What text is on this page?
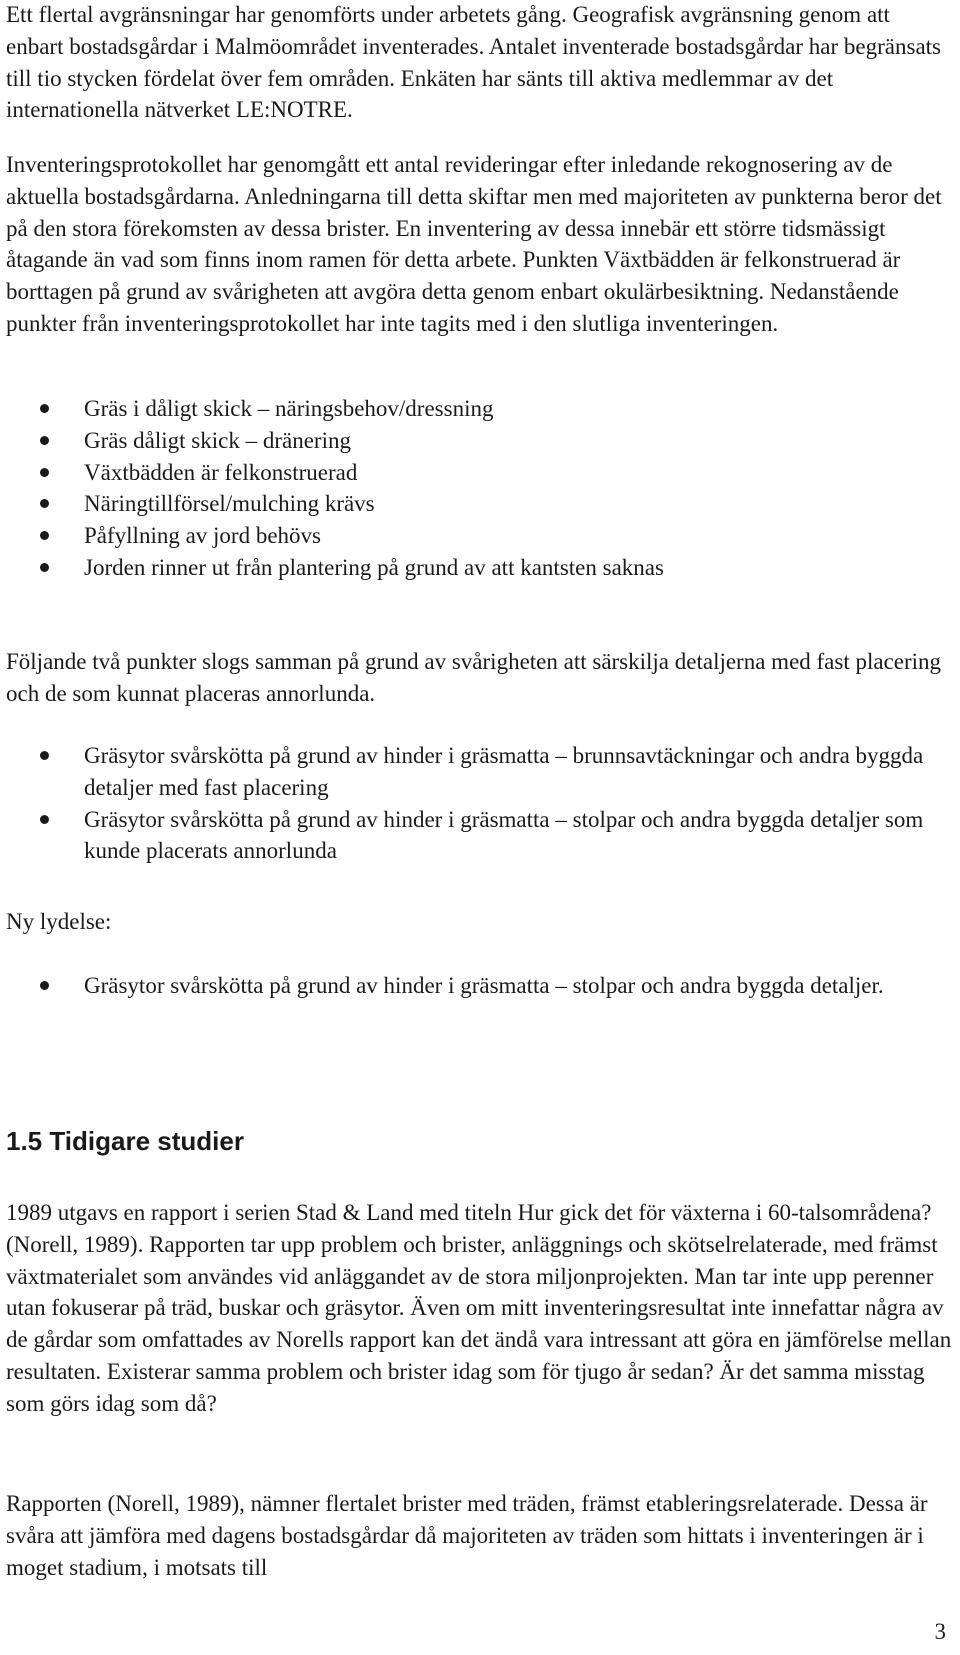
Ett flertal avgränsningar har genomförts under arbetets gång. Geografisk avgränsning genom att enbart bostadsgårdar i Malmöområdet inventerades. Antalet inventerade bostadsgårdar har begränsats till tio stycken fördelat över fem områden. Enkäten har sänts till aktiva medlemmar av det internationella nätverket LE:NOTRE.

Inventeringsprotokollet har genomgått ett antal revideringar efter inledande rekognosering av de aktuella bostadsgårdarna. Anledningarna till detta skiftar men med majoriteten av punkterna beror det på den stora förekomsten av dessa brister. En inventering av dessa innebär ett större tidsmässigt åtagande än vad som finns inom ramen för detta arbete. Punkten Växtbädden är felkonstruerad är borttagen på grund av svårigheten att avgöra detta genom enbart okulärbesiktning. Nedanstående punkter från inventeringsprotokollet har inte tagits med i den slutliga inventeringen.

Gräs i dåligt skick – näringsbehov/dressning
Gräs dåligt skick – dränering
Växtbädden är felkonstruerad
Näringtillförsel/mulching krävs
Påfyllning av jord behövs
Jorden rinner ut från plantering på grund av att kantsten saknas

Följande två punkter slogs samman på grund av svårigheten att särskilja detaljerna med fast placering och de som kunnat placeras annorlunda.

Gräsytor svårskötta på grund av hinder i gräsmatta – brunnsavtäckningar och andra byggda detaljer med fast placering
Gräsytor svårskötta på grund av hinder i gräsmatta – stolpar och andra byggda detaljer som kunde placerats annorlunda

Ny lydelse:

Gräsytor svårskötta på grund av hinder i gräsmatta – stolpar och andra byggda detaljer.
1.5 Tidigare studier

1989 utgavs en rapport i serien Stad & Land med titeln Hur gick det för växterna i 60-talsområdena? (Norell, 1989). Rapporten tar upp problem och brister, anläggnings och skötselrelaterade, med främst växtmaterialet som användes vid anläggandet av de stora miljonprojekten. Man tar inte upp perenner utan fokuserar på träd, buskar och gräsytor. Även om mitt inventeringsresultat inte innefattar några av de gårdar som omfattades av Norells rapport kan det ändå vara intressant att göra en jämförelse mellan resultaten. Existerar samma problem och brister idag som för tjugo år sedan? Är det samma misstag som görs idag som då?

Rapporten (Norell, 1989), nämner flertalet brister med träden, främst etableringsrelaterade. Dessa är svåra att jämföra med dagens bostadsgårdar då majoriteten av träden som hittats i inventeringen är i moget stadium, i motsats till

3
